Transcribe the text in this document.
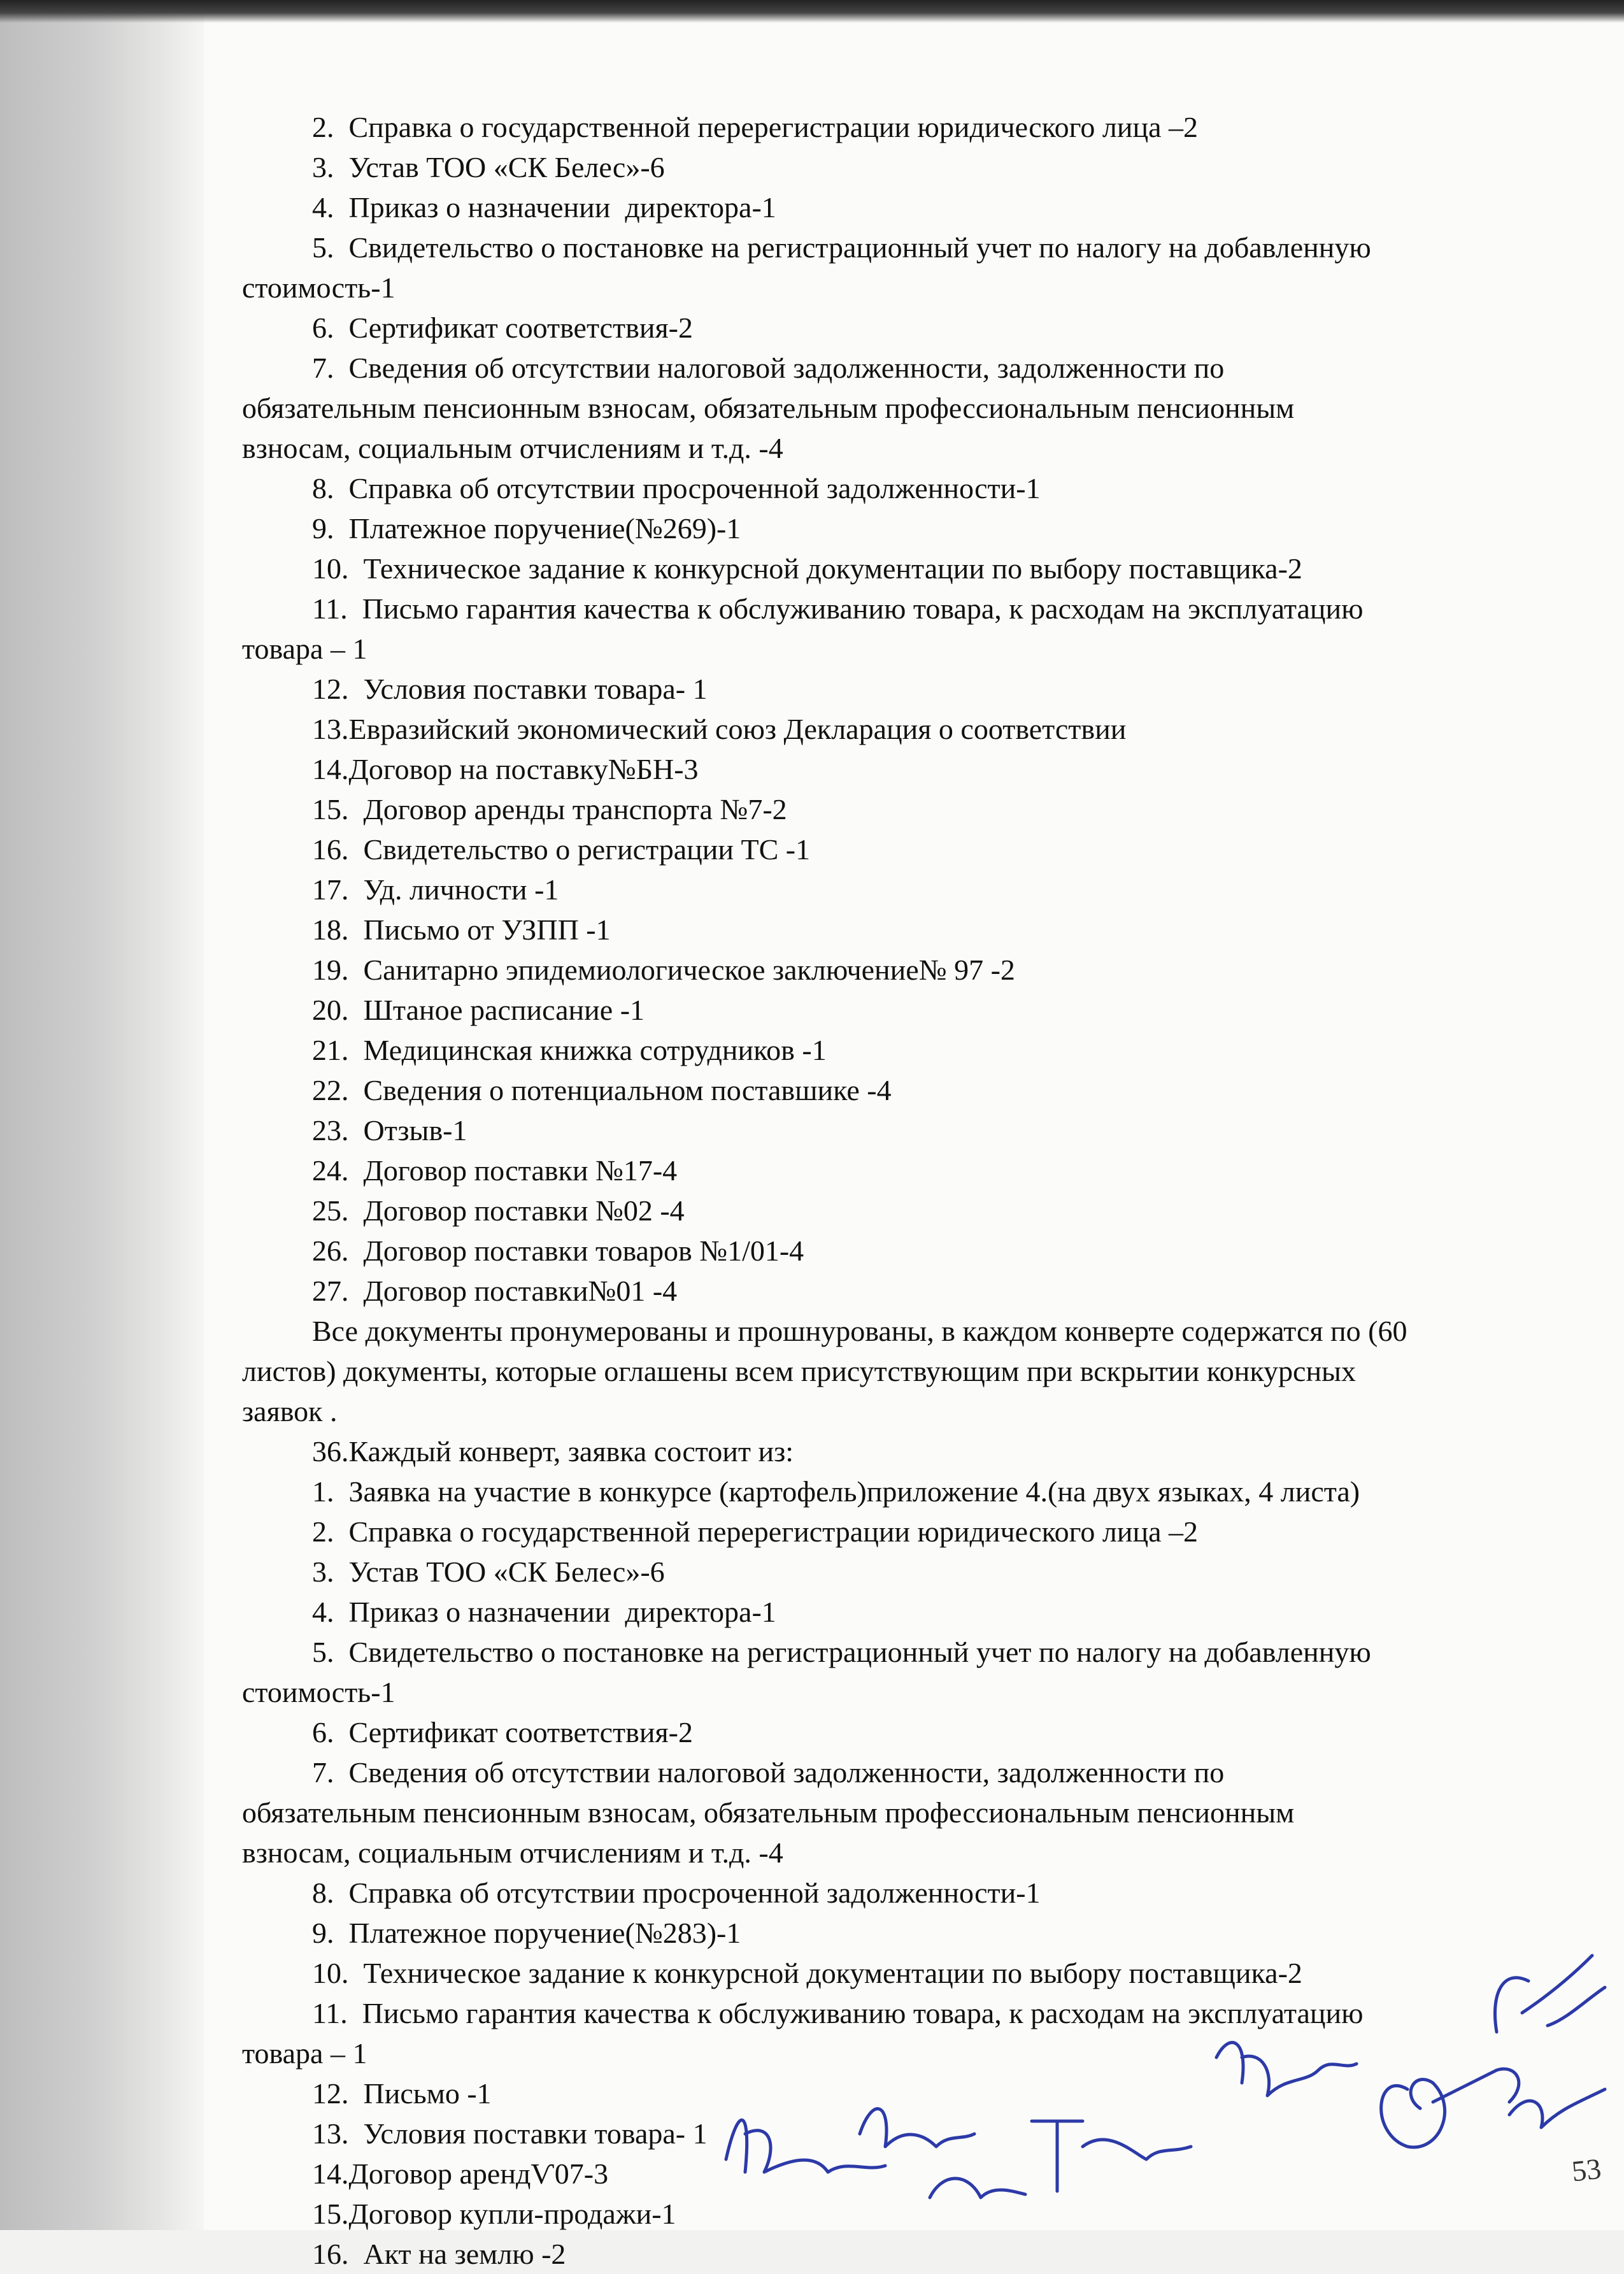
2.  Справка о государственной перерегистрации юридического лица –2
3.  Устав ТОО «СК Белес»-6
4.  Приказ о назначении  директора-1
5.  Свидетельство о постановке на регистрационный учет по налогу на добавленную
стоимость-1
6.  Сертификат соответствия-2
7.  Сведения об отсутствии налоговой задолженности, задолженности по
обязательным пенсионным взносам, обязательным профессиональным пенсионным
взносам, социальным отчислениям и т.д. -4
8.  Справка об отсутствии просроченной задолженности-1
9.  Платежное поручение(№269)-1
10.  Техническое задание к конкурсной документации по выбору поставщика-2
11.  Письмо гарантия качества к обслуживанию товара, к расходам на эксплуатацию
товара – 1
12.  Условия поставки товара- 1
13.Евразийский экономический союз Декларация о соответствии
14.Договор на поставку№БН-3
15.  Договор аренды транспорта №7-2
16.  Свидетельство о регистрации ТС -1
17.  Уд. личности -1
18.  Письмо от УЗПП -1
19.  Санитарно эпидемиологическое заключение№ 97 -2
20.  Штаное расписание -1
21.  Медицинская книжка сотрудников -1
22.  Сведения о потенциальном поставшике -4
23.  Отзыв-1
24.  Договор поставки №17-4
25.  Договор поставки №02 -4
26.  Договор поставки товаров №1/01-4
27.  Договор поставки№01 -4
Все документы пронумерованы и прошнурованы, в каждом конверте содержатся по (60
листов) документы, которые оглашены всем присутствующим при вскрытии конкурсных
заявок .
36.Каждый конверт, заявка состоит из:
1.  Заявка на участие в конкурсе (картофель)приложение 4.(на двух языках, 4 листа)
2.  Справка о государственной перерегистрации юридического лица –2
3.  Устав ТОО «СК Белес»-6
4.  Приказ о назначении  директора-1
5.  Свидетельство о постановке на регистрационный учет по налогу на добавленную
стоимость-1
6.  Сертификат соответствия-2
7.  Сведения об отсутствии налоговой задолженности, задолженности по
обязательным пенсионным взносам, обязательным профессиональным пенсионным
взносам, социальным отчислениям и т.д. -4
8.  Справка об отсутствии просроченной задолженности-1
9.  Платежное поручение(№283)-1
10.  Техническое задание к конкурсной документации по выбору поставщика-2
11.  Письмо гарантия качества к обслуживанию товара, к расходам на эксплуатацию
товара – 1
12.  Письмо -1
13.  Условия поставки товара- 1
14.Договор арендѴ07-3
15.Договор купли-продажи-1
16.  Акт на землю -2
53
